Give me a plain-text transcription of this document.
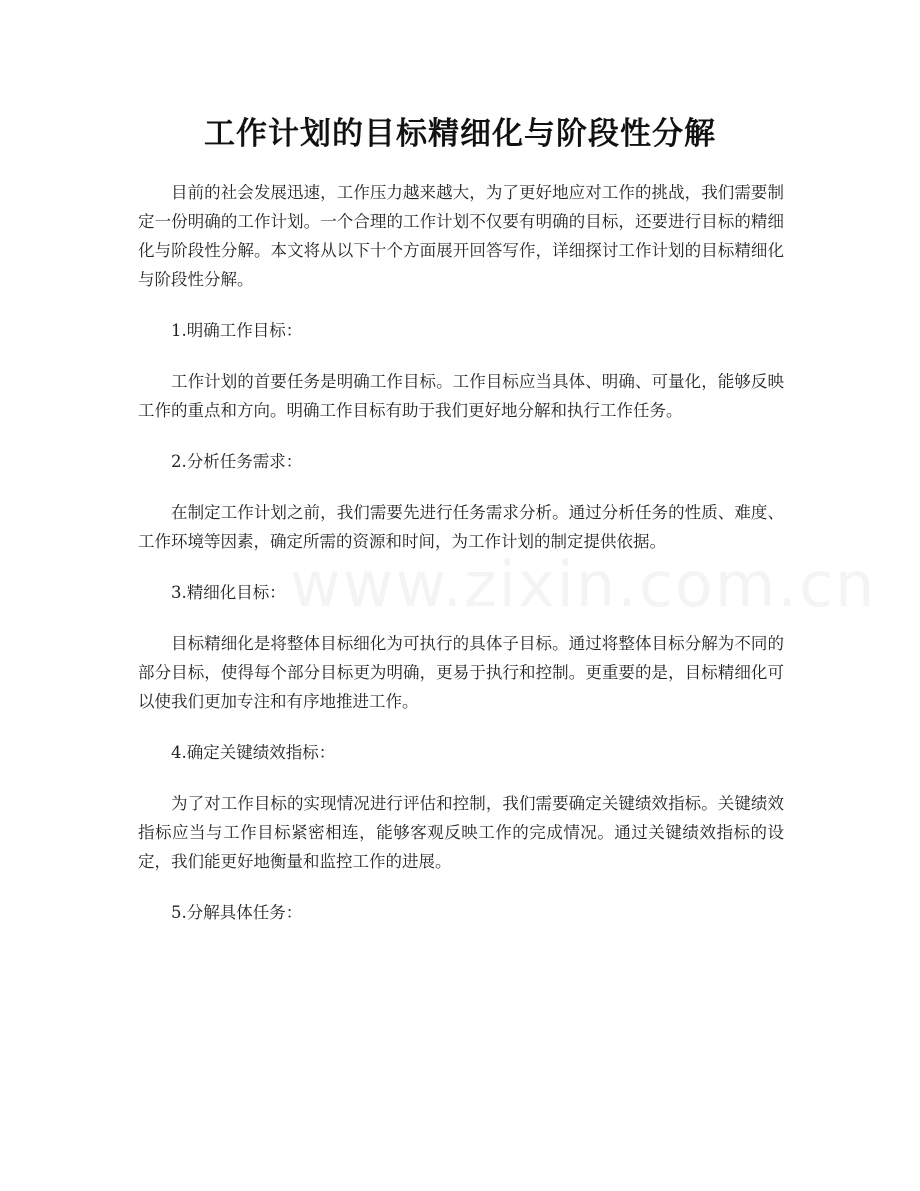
工作计划的目标精细化与阶段性分解

目前的社会发展迅速，工作压力越来越大，为了更好地应对工作的挑战，我们需要制定一份明确的工作计划。一个合理的工作计划不仅要有明确的目标，还要进行目标的精细化与阶段性分解。本文将从以下十个方面展开回答写作，详细探讨工作计划的目标精细化与阶段性分解。

1.明确工作目标：

工作计划的首要任务是明确工作目标。工作目标应当具体、明确、可量化，能够反映工作的重点和方向。明确工作目标有助于我们更好地分解和执行工作任务。

2.分析任务需求：

在制定工作计划之前，我们需要先进行任务需求分析。通过分析任务的性质、难度、工作环境等因素，确定所需的资源和时间，为工作计划的制定提供依据。

3.精细化目标：

目标精细化是将整体目标细化为可执行的具体子目标。通过将整体目标分解为不同的部分目标，使得每个部分目标更为明确，更易于执行和控制。更重要的是，目标精细化可以使我们更加专注和有序地推进工作。

4.确定关键绩效指标：

为了对工作目标的实现情况进行评估和控制，我们需要确定关键绩效指标。关键绩效指标应当与工作目标紧密相连，能够客观反映工作的完成情况。通过关键绩效指标的设定，我们能更好地衡量和监控工作的进展。

5.分解具体任务：
